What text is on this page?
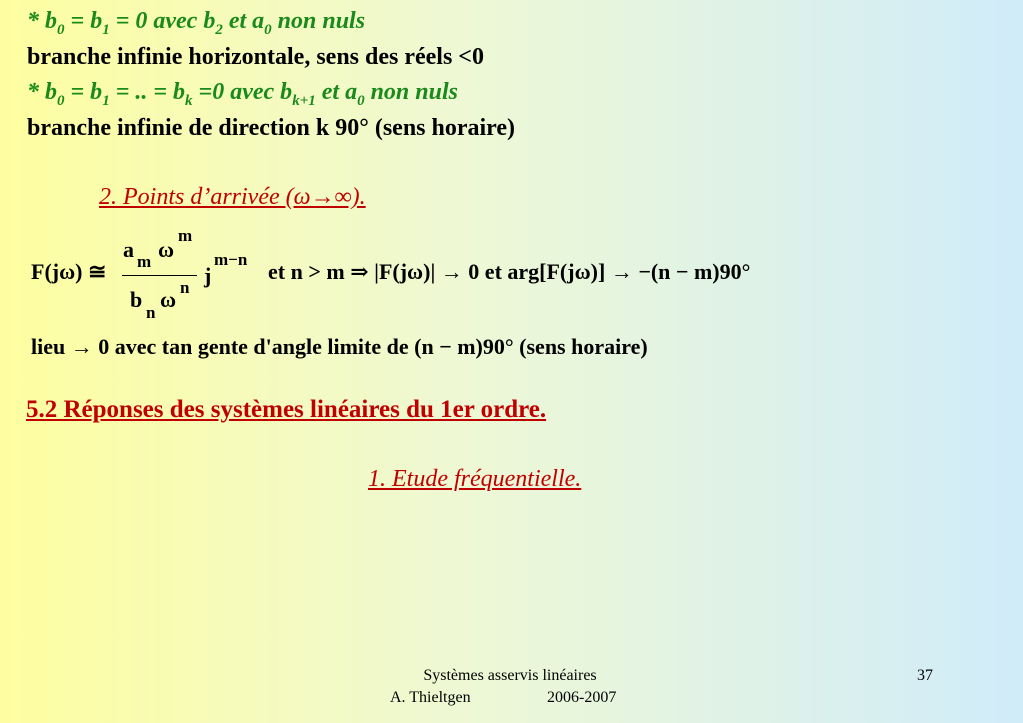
* $b_0 = b_1 = 0$ avec $b_2$ et $a_0$ non nuls
branche infinie horizontale, sens des réels <0
* $b_0 = b_1$ = .. = $b_k =0$ avec $b_{k+1}$ et $a_0$ non nuls
branche infinie de direction k 90° (sens horaire)
2. Points d’arrivée (ω→∞).
F(jω) ≅
a m ω
m
b
n
ω n j
m−n et n > m ⇒ |F(jω)| → 0 et arg[F(jω)] → −(n − m)90°
lieu → 0 avec tan gente d'angle limite de (n − m)90° (sens horaire)
5.2 Réponses des systèmes linéaires du 1er ordre.
1. Etude fréquentielle.
Systèmes asservis linéaires
A. Thieltgen	2006-2007
37
